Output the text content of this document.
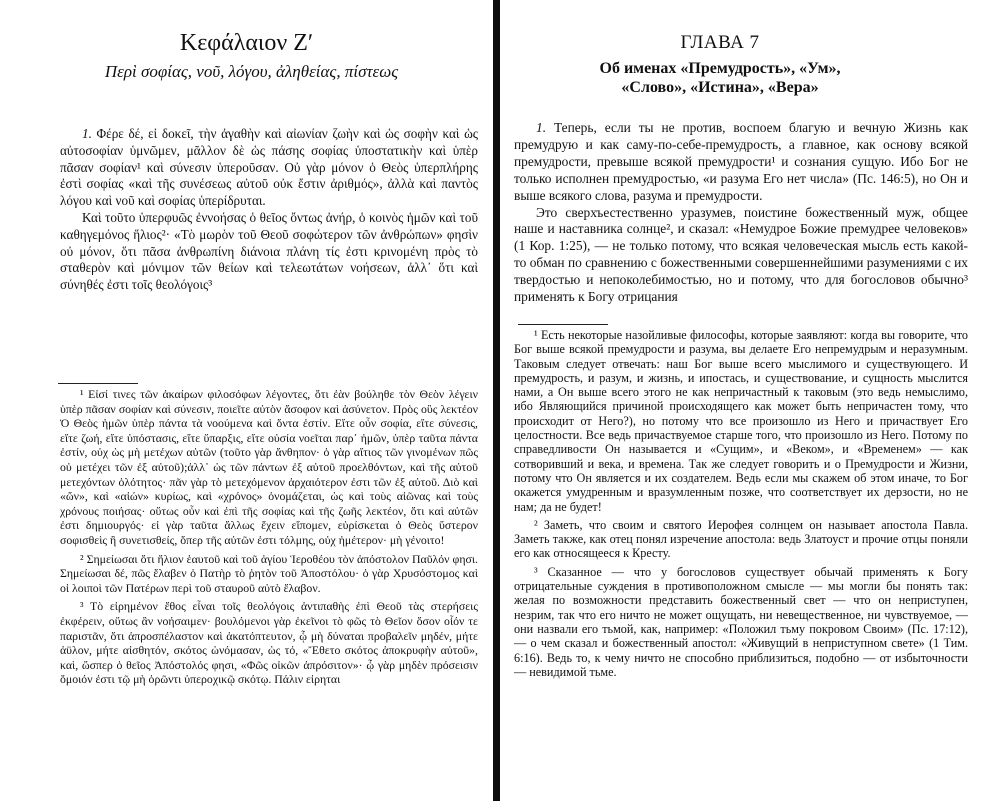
Κεφάλαιον Ζʹ
Περὶ σοφίας, νοῦ, λόγου, ἀληθείας, πίστεως

1. Φέρε δέ, εἰ δοκεῖ, τὴν ἀγαθὴν καὶ αἰωνίαν ζωὴν καὶ ὡς σοφὴν καὶ ὡς αὐτοσοφίαν ὑμνῶμεν, μᾶλλον δὲ ὡς πάσης σοφίας ὑποστατικὴν καὶ ὑπὲρ πᾶσαν σοφίαν¹ καὶ σύνεσιν ὑπεροῦσαν. Οὐ γὰρ μόνον ὁ Θεὸς ὑπερπλήρης ἐστὶ σοφίας «καὶ τῆς συνέσεως αὐτοῦ οὐκ ἔστιν ἀριθμός», ἀλλὰ καὶ παντὸς λόγου καὶ νοῦ καὶ σοφίας ὑπερίδρυται.

Καὶ τοῦτο ὑπερφυῶς ἐννοήσας ὁ θεῖος ὄντως ἀνήρ, ὁ κοινὸς ἡμῶν καὶ τοῦ καθηγεμόνος ἥλιος²· «Τὸ μωρὸν τοῦ Θεοῦ σοφώτερον τῶν ἀνθρώπων» φησὶν οὐ μόνον, ὅτι πᾶσα ἀνθρωπίνη διάνοια πλάνη τίς ἐστι κρινομένη πρὸς τὸ σταθερὸν καὶ μόνιμον τῶν θείων καὶ τελεωτάτων νοήσεων, ἀλλ᾿ ὅτι καὶ σύνηθές ἐστι τοῖς θεολόγοις³

¹ Εἰσί τινες τῶν ἀκαίρων φιλοσόφων λέγοντες, ὅτι ἐὰν βούληθε τὸν Θεὸν λέγειν ὑπὲρ πᾶσαν σοφίαν καὶ σύνεσιν, ποιεῖτε αὐτὸν ἄσοφον καὶ ἀσύνετον. Πρὸς οὓς λεκτέον Ὁ Θεὸς ἡμῶν ὑπὲρ πάντα τὰ νοούμενα καὶ ὄντα ἐστίν. Εἴτε οὖν σοφία, εἴτε σύνεσις, εἴτε ζωή, εἴτε ὑπόστασις, εἴτε ὕπαρξις, εἴτε οὐσία νοεῖται παρ᾿ ἡμῶν, ὑπὲρ ταῦτα πάντα ἐστίν, οὐχ ὡς μὴ μετέχων αὐτῶν (τοῦτο γὰρ ἄνθηπον· ὁ γὰρ αἴτιος τῶν γινομένων πῶς οὐ μετέχει τῶν ἐξ αὐτοῦ);ἀλλ᾿ ὡς τῶν πάντων ἐξ αὐτοῦ προελθόντων, καὶ τῆς αὐτοῦ μετεχόντων ὁλότητος· πᾶν γὰρ τὸ μετεχόμενον ἀρχαιότερον ἐστι τῶν ἐξ αὐτοῦ. Διὸ καὶ «ὤν», καὶ «αἰών» κυρίως, καὶ «χρόνος» ὀνομάζεται, ὡς καὶ τοὺς αἰῶνας καὶ τοὺς χρόνους ποιήσας· οὕτως οὖν καὶ ἐπὶ τῆς σοφίας καὶ τῆς ζωῆς λεκτέον, ὅτι καὶ αὐτῶν ἐστι δημιουργός· εἰ γὰρ ταῦτα ἄλλως ἔχειν εἴπομεν, εὑρίσκεται ὁ Θεὸς ὕστερον σοφισθεὶς ἢ συνετισθείς, ὅπερ τῆς αὐτῶν ἐστι τόλμης, οὐχ ἡμέτερον· μὴ γένοιτο!

² Σημείωσαι ὅτι ἥλιον ἑαυτοῦ καὶ τοῦ ἁγίου Ἱεροθέου τὸν ἀπόστολον Παῦλόν φησι. Σημείωσαι δέ, πῶς ἔλαβεν ὁ Πατὴρ τὸ ῥητὸν τοῦ Ἀποστόλου· ὁ γὰρ Χρυσόστομος καὶ οἱ λοιποὶ τῶν Πατέρων περὶ τοῦ σταυροῦ αὐτὸ ἔλαβον.

³ Τὸ εἰρημένον ἔθος εἶναι τοῖς θεολόγοις ἀντιπαθὴς ἐπὶ Θεοῦ τὰς στερήσεις ἐκφέρειν, οὕτως ἂν νοήσαιμεν· βουλόμενοι γὰρ ἐκεῖνοι τὸ φῶς τὸ Θεῖον ὅσον οἷόν τε παριστᾶν, ὅτι ἀπροσπέλαστον καὶ ἀκατόπτευτον, ᾧ μὴ δύναται προβαλεῖν μηδέν, μήτε ἀϋλον, μήτε αἰσθητόν, σκότος ὠνόμασαν, ὡς τό, «Ἔθετο σκότος ἀποκρυφὴν αὐτοῦ», καὶ, ὥσπερ ὁ θεῖος Ἀπόστολός φησι, «Φῶς οἰκῶν ἀπρόσιτον»· ᾧ γὰρ μηδὲν πρόσεισιν ὅμοιόν ἐστι τῷ μὴ ὁρῶντι ὑπεροχικῷ σκότῳ. Πάλιν εἰρηται

ГЛАВА 7
Об именах «Премудрость», «Ум»,
«Слово», «Истина», «Вера»

1. Теперь, если ты не против, воспоем благую и вечную Жизнь как премудрую и как саму-по-себе-премудрость, а главное, как основу всякой премудрости, превыше всякой премудрости¹ и сознания сущую. Ибо Бог не только исполнен премудростью, «и разума Его нет числа» (Пс. 146:5), но Он и выше всякого слова, разума и премудрости.

Это сверхъестественно уразумев, поистине божественный муж, общее наше и наставника солнце², и сказал: «Немудрое Божие премудрее человеков» (1 Кор. 1:25), — не только потому, что всякая человеческая мысль есть какой-то обман по сравнению с божественными совершеннейшими разумениями с их твердостью и непоколебимостью, но и потому, что для богословов обычно³ применять к Богу отрицания

¹ Есть некоторые назойливые философы, которые заявляют: когда вы говорите, что Бог выше всякой премудрости и разума, вы делаете Его непремудрым и неразумным. Таковым следует отвечать: наш Бог выше всего мыслимого и существующего. И премудрость, и разум, и жизнь, и ипостась, и существование, и сущность мыслится нами, а Он выше всего этого не как непричастный к таковым (это ведь немыслимо, ибо Являющийся причиной происходящего как может быть непричастен тому, что происходит от Него?), но потому что все произошло из Него и причаствует Его целостности. Все ведь причаствуемое старше того, что произошло из Него. Потому по справедливости Он называется и «Сущим», и «Веком», и «Временем» — как сотворивший и века, и времена. Так же следует говорить и о Премудрости и Жизни, потому что Он является и их создателем. Ведь если мы скажем об этом иначе, то Бог окажется умудренным и вразумленным позже, что соответствует их дерзости, но не нам; да не будет!

² Заметь, что своим и святого Иерофея солнцем он называет апостола Павла. Заметь также, как отец понял изречение апостола: ведь Златоуст и прочие отцы поняли его как относящееся к Кресту.

³ Сказанное — что у богословов существует обычай применять к Богу отрицательные суждения в противоположном смысле — мы могли бы понять так: желая по возможности представить божественный свет — что он неприступен, незрим, так что его ничто не может ощущать, ни невещественное, ни чувствуемое, — они назвали его тьмой, как, например: «Положил тьму покровом Своим» (Пс. 17:12), — о чем сказал и божественный апостол: «Живущий в неприступном свете» (1 Тим. 6:16). Ведь то, к чему ничто не способно приблизиться, подобно — от избыточности — невидимой тьме.
